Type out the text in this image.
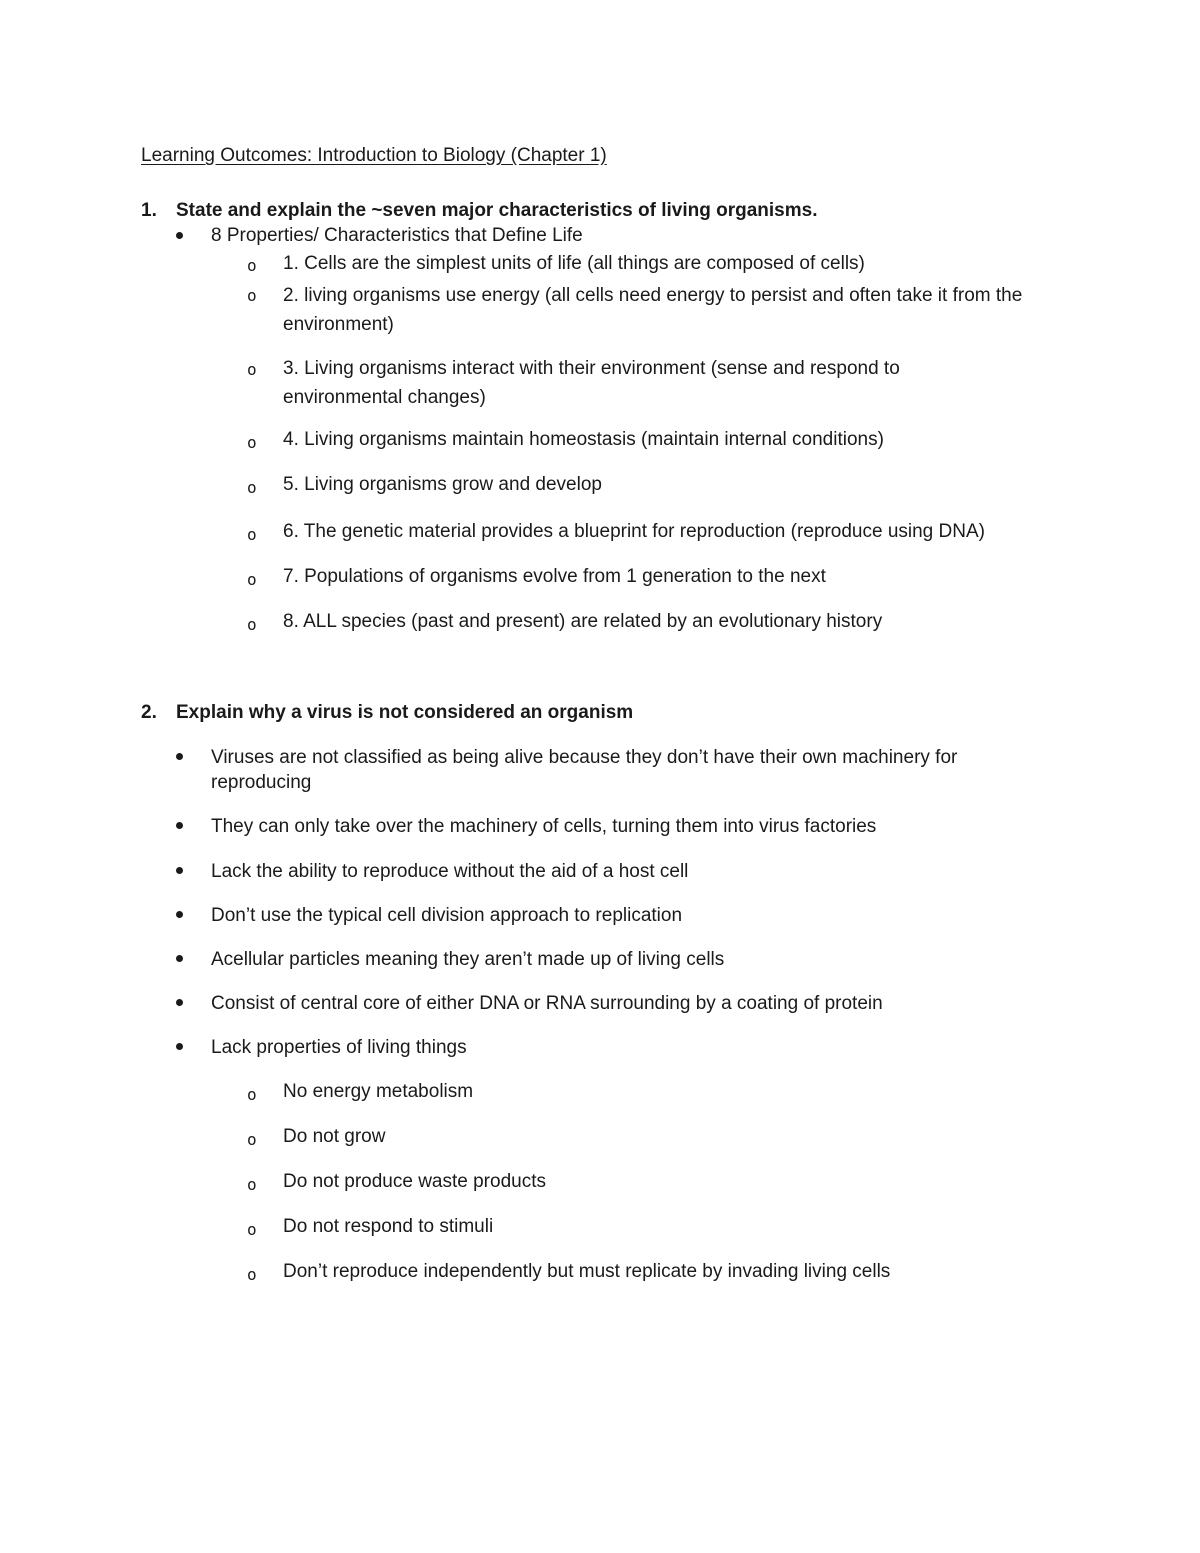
Learning Outcomes: Introduction to Biology (Chapter 1)
1. State and explain the ~seven major characteristics of living organisms.
8 Properties/ Characteristics that Define Life
o 1. Cells are the simplest units of life (all things are composed of cells)
o 2. living organisms use energy (all cells need energy to persist and often take it from the environment)
o 3. Living organisms interact with their environment (sense and respond to environmental changes)
o 4. Living organisms maintain homeostasis (maintain internal conditions)
o 5. Living organisms grow and develop
o 6. The genetic material provides a blueprint for reproduction (reproduce using DNA)
o 7. Populations of organisms evolve from 1 generation to the next
o 8. ALL species (past and present) are related by an evolutionary history
2. Explain why a virus is not considered an organism
Viruses are not classified as being alive because they don’t have their own machinery for reproducing
They can only take over the machinery of cells, turning them into virus factories
Lack the ability to reproduce without the aid of a host cell
Don’t use the typical cell division approach to replication
Acellular particles meaning they aren’t made up of living cells
Consist of central core of either DNA or RNA surrounding by a coating of protein
Lack properties of living things
o No energy metabolism
o Do not grow
o Do not produce waste products
o Do not respond to stimuli
o Don’t reproduce independently but must replicate by invading living cells
